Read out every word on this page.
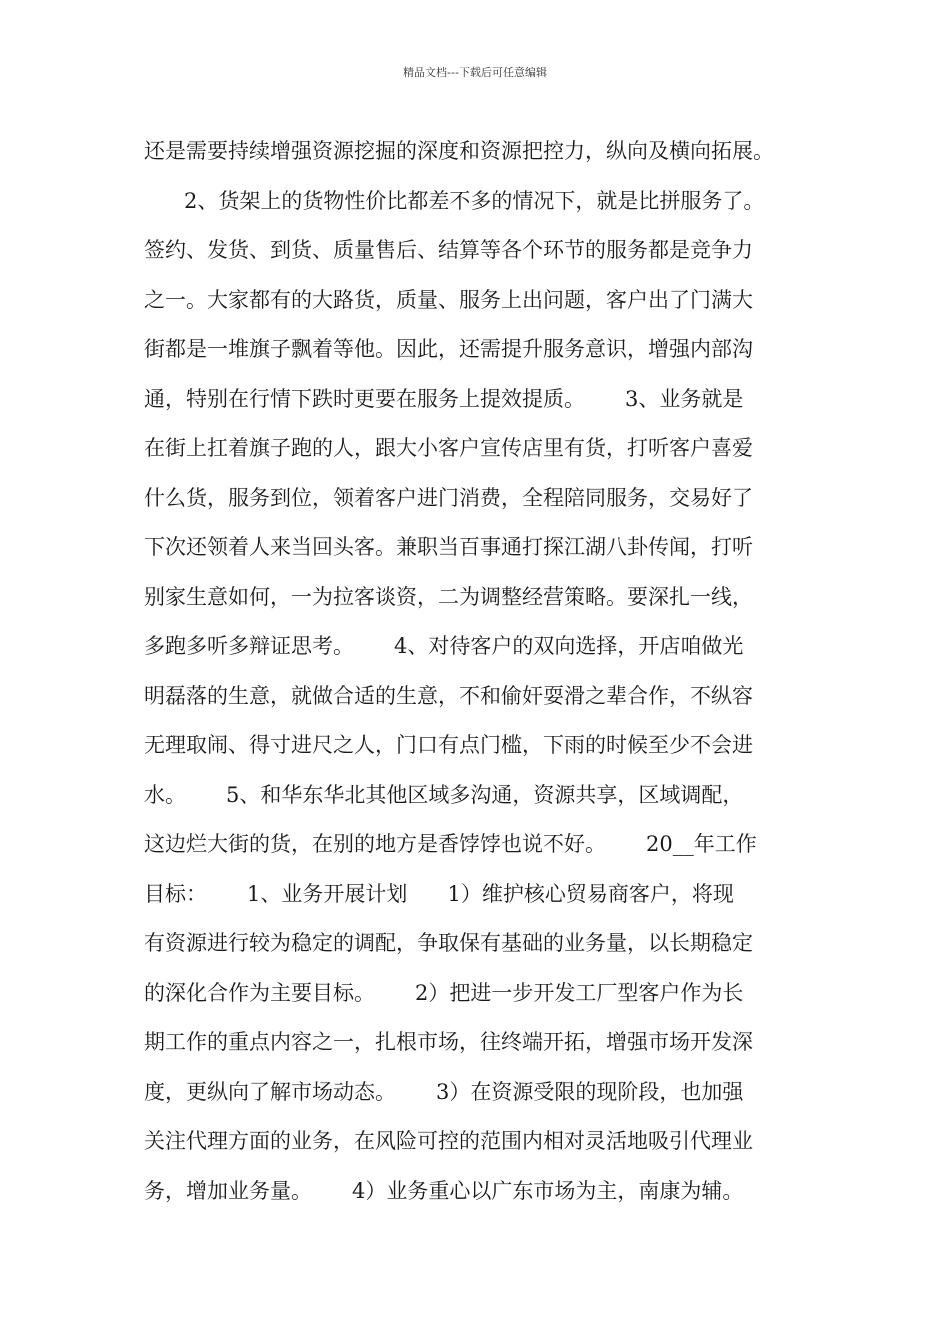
精品文档---下载后可任意编辑
还是需要持续增强资源挖掘的深度和资源把控力，纵向及横向拓展。
2、货架上的货物性价比都差不多的情况下，就是比拼服务了。
签约、发货、到货、质量售后、结算等各个环节的服务都是竞争力
之一。大家都有的大路货，质量、服务上出问题，客户出了门满大
街都是一堆旗子飘着等他。因此，还需提升服务意识，增强内部沟
通，特别在行情下跌时更要在服务上提效提质。      3、业务就是
在街上扛着旗子跑的人，跟大小客户宣传店里有货，打听客户喜爱
什么货，服务到位，领着客户进门消费，全程陪同服务，交易好了
下次还领着人来当回头客。兼职当百事通打探江湖八卦传闻，打听
别家生意如何，一为拉客谈资，二为调整经营策略。要深扎一线，
多跑多听多辩证思考。      4、对待客户的双向选择，开店咱做光
明磊落的生意，就做合适的生意，不和偷奸耍滑之辈合作，不纵容
无理取闹、得寸进尺之人，门口有点门槛，下雨的时候至少不会进
水。      5、和华东华北其他区域多沟通，资源共享，区域调配，
这边烂大街的货，在别的地方是香饽饽也说不好。      20__年工作
目标：      1、业务开展计划      1）维护核心贸易商客户，将现
有资源进行较为稳定的调配，争取保有基础的业务量，以长期稳定
的深化合作为主要目标。      2）把进一步开发工厂型客户作为长
期工作的重点内容之一，扎根市场，往终端开拓，增强市场开发深
度，更纵向了解市场动态。      3）在资源受限的现阶段，也加强
关注代理方面的业务，在风险可控的范围内相对灵活地吸引代理业
务，增加业务量。      4）业务重心以广东市场为主，南康为辅。
